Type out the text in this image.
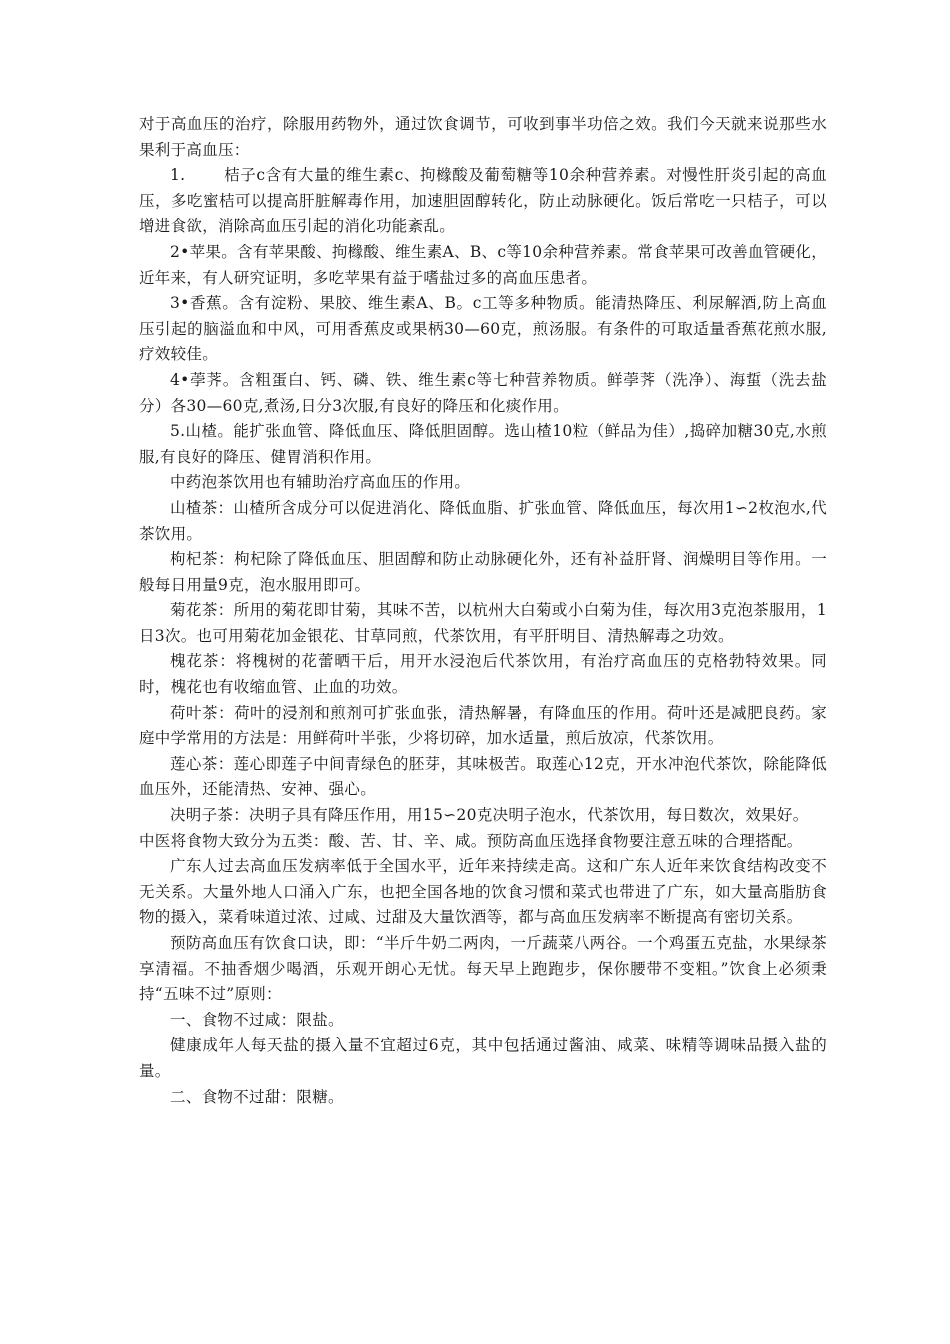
对于高血压的治疗，除服用药物外，通过饮食调节，可收到事半功倍之效。我们今天就来说那些水果利于高血压：

1.       桔子c含有大量的维生素c、拘橼酸及葡萄糖等10余种营养素。对慢性肝炎引起的高血压，多吃蜜桔可以提高肝脏解毒作用，加速胆固醇转化，防止动脉硬化。饭后常吃一只桔子，可以增进食欲，消除高血压引起的消化功能紊乱。

2•苹果。含有苹果酸、拘橼酸、维生素A、B、c等10余种营养素。常食苹果可改善血管硬化，近年来，有人研究证明，多吃苹果有益于嗜盐过多的高血压患者。

3•香蕉。含有淀粉、果胶、维生素A、B。c工等多种物质。能清热降压、利尿解酒,防上高血压引起的脑溢血和中风，可用香蕉皮或果柄30—60克，煎汤服。有条件的可取适量香蕉花煎水服,疗效较佳。

4•荸荠。含粗蛋白、钙、磷、铁、维生素c等七种营养物质。鲜荸荠（洗净）、海蜇（洗去盐分）各30—60克,煮汤,日分3次服,有良好的降压和化痰作用。

5.山楂。能扩张血管、降低血压、降低胆固醇。选山楂10粒（鲜品为佳）,捣碎加糖30克,水煎服,有良好的降压、健胃消积作用。

中药泡茶饮用也有辅助治疗高血压的作用。

山楂茶：山楂所含成分可以促进消化、降低血脂、扩张血管、降低血压，每次用1∽2枚泡水,代茶饮用。

枸杞茶：枸杞除了降低血压、胆固醇和防止动脉硬化外，还有补益肝肾、润燥明目等作用。一般每日用量9克，泡水服用即可。

菊花茶：所用的菊花即甘菊，其味不苦，以杭州大白菊或小白菊为佳，每次用3克泡茶服用，1日3次。也可用菊花加金银花、甘草同煎，代茶饮用，有平肝明目、清热解毒之功效。

槐花茶：将槐树的花蕾晒干后，用开水浸泡后代茶饮用，有治疗高血压的克格勃特效果。同时，槐花也有收缩血管、止血的功效。

荷叶茶：荷叶的浸剂和煎剂可扩张血张，清热解暑，有降血压的作用。荷叶还是减肥良药。家庭中学常用的方法是：用鲜荷叶半张，少将切碎，加水适量，煎后放凉，代茶饮用。

莲心茶：莲心即莲子中间青绿色的胚芽，其味极苦。取莲心12克，开水冲泡代茶饮，除能降低血压外，还能清热、安神、强心。

决明子茶：决明子具有降压作用，用15∽20克决明子泡水，代茶饮用，每日数次，效果好。

中医将食物大致分为五类：酸、苦、甘、辛、咸。预防高血压选择食物要注意五味的合理搭配。

广东人过去高血压发病率低于全国水平，近年来持续走高。这和广东人近年来饮食结构改变不无关系。大量外地人口涌入广东，也把全国各地的饮食习惯和菜式也带进了广东，如大量高脂肪食物的摄入，菜肴味道过浓、过咸、过甜及大量饮酒等，都与高血压发病率不断提高有密切关系。

预防高血压有饮食口诀，即：“半斤牛奶二两肉，一斤蔬菜八两谷。一个鸡蛋五克盐，水果绿茶享清福。不抽香烟少喝酒，乐观开朗心无忧。每天早上跑跑步，保你腰带不变粗。”饮食上必须秉持“五味不过”原则：

一、食物不过咸：限盐。

健康成年人每天盐的摄入量不宜超过6克，其中包括通过酱油、咸菜、味精等调味品摄入盐的量。

二、食物不过甜：限糖。
